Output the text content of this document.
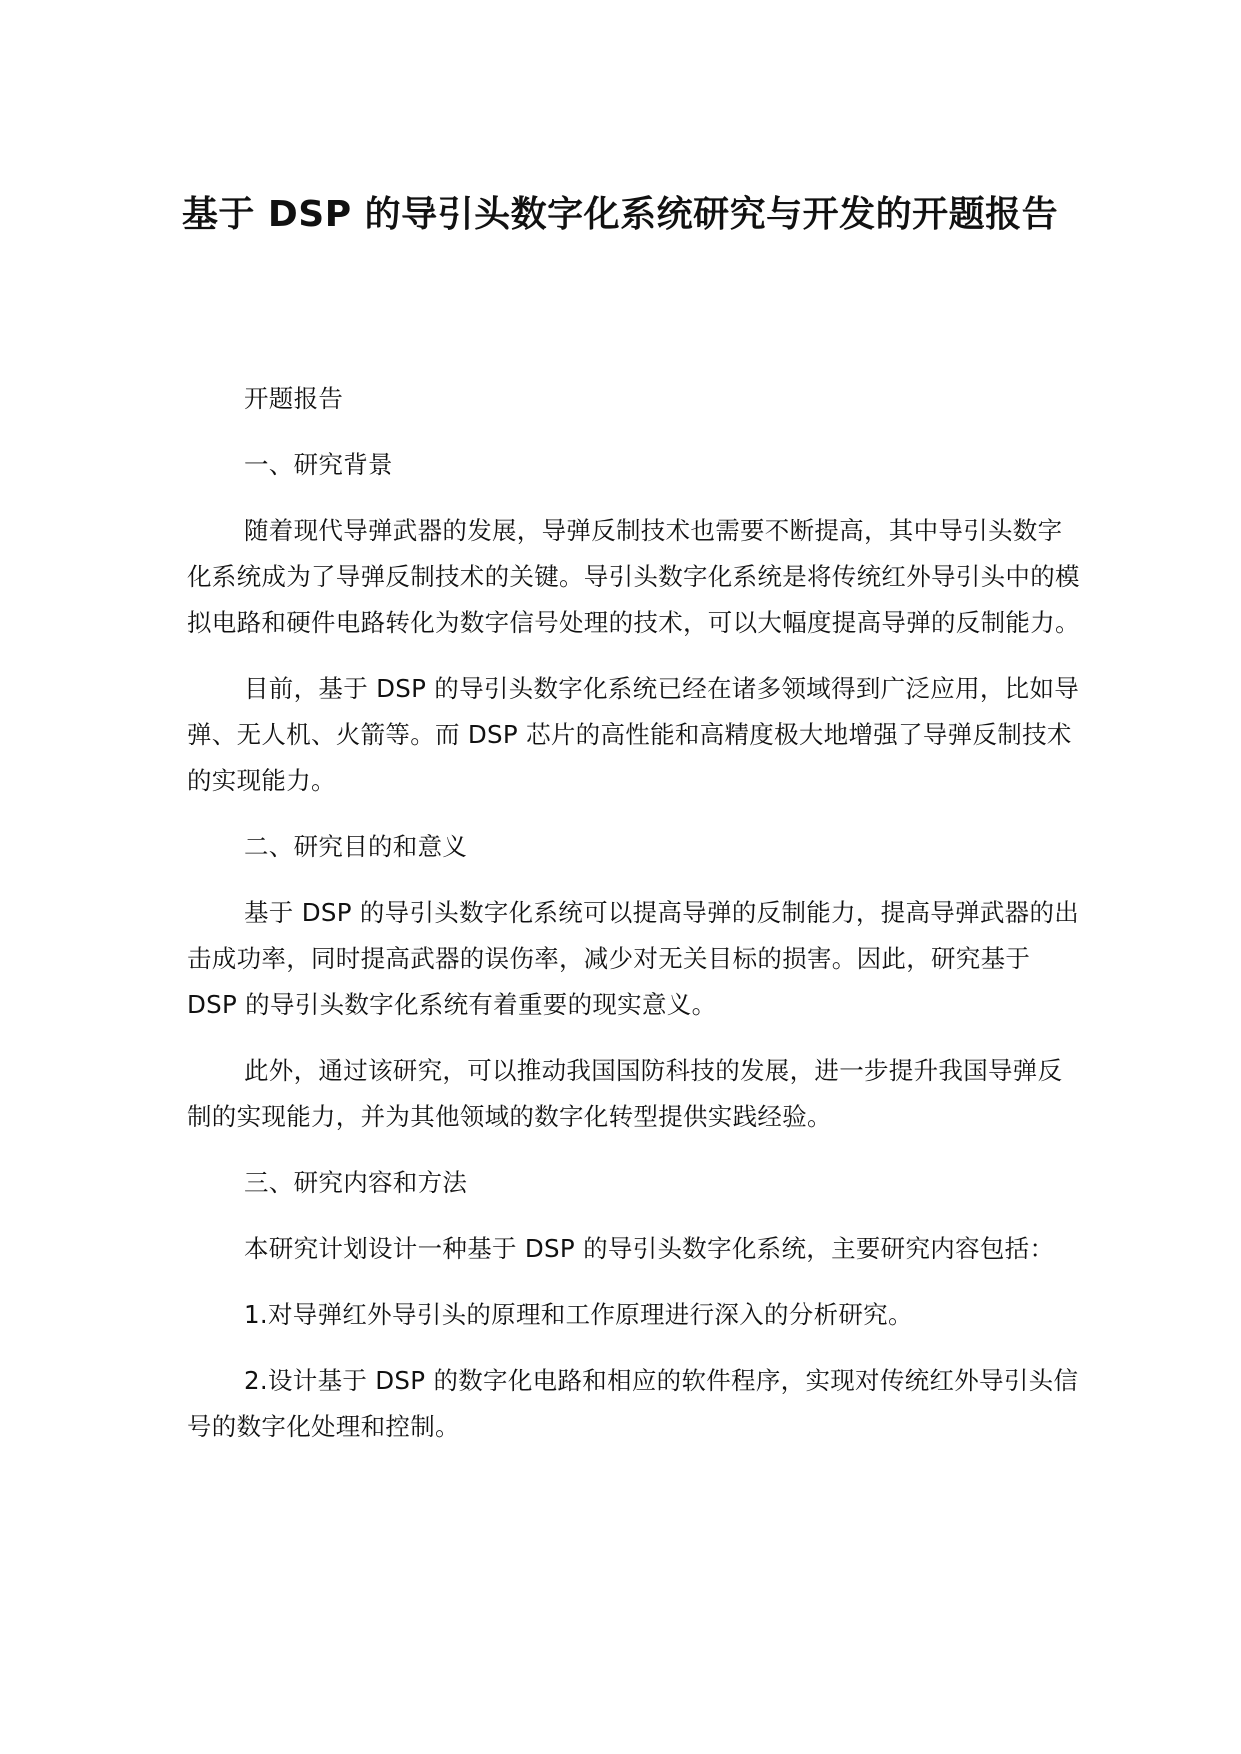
基于 DSP 的导引头数字化系统研究与开发的开题报告

开题报告

一、研究背景

随着现代导弹武器的发展，导弹反制技术也需要不断提高，其中导引头数字化系统成为了导弹反制技术的关键。导引头数字化系统是将传统红外导引头中的模拟电路和硬件电路转化为数字信号处理的技术，可以大幅度提高导弹的反制能力。

目前，基于 DSP 的导引头数字化系统已经在诸多领域得到广泛应用，比如导弹、无人机、火箭等。而 DSP 芯片的高性能和高精度极大地增强了导弹反制技术的实现能力。

二、研究目的和意义

基于 DSP 的导引头数字化系统可以提高导弹的反制能力，提高导弹武器的出击成功率，同时提高武器的误伤率，减少对无关目标的损害。因此，研究基于 DSP 的导引头数字化系统有着重要的现实意义。

此外，通过该研究，可以推动我国国防科技的发展，进一步提升我国导弹反制的实现能力，并为其他领域的数字化转型提供实践经验。

三、研究内容和方法

本研究计划设计一种基于 DSP 的导引头数字化系统，主要研究内容包括：

1.对导弹红外导引头的原理和工作原理进行深入的分析研究。

2.设计基于 DSP 的数字化电路和相应的软件程序，实现对传统红外导引头信号的数字化处理和控制。
